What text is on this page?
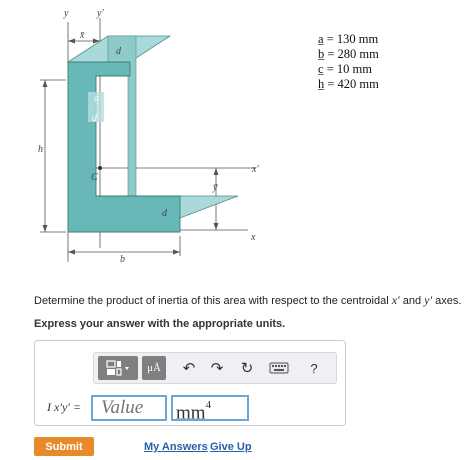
y	y′
x̄
d
a
d
h
C
x′
ȳ
d
x
b
a = 130 mm
b = 280 mm
c = 10 mm
h = 420 mm
Determine the product of inertia of this area with respect to the centroidal x′ and y′ axes.
Express your answer with the appropriate units.
μÅ	↶	↷	↻	?
I x′y′ =
Value	$mm^4$
Submit	My Answers Give Up
